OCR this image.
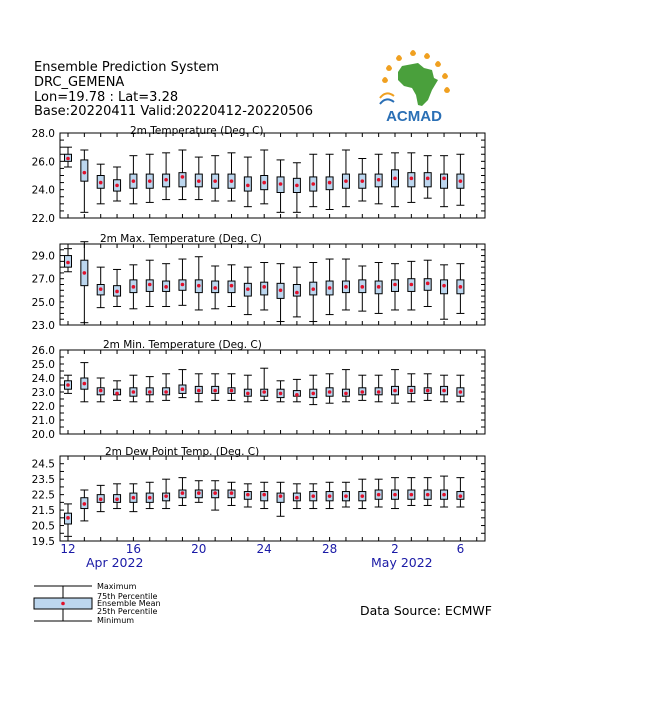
Ensemble Prediction System
DRC_GEMENA
Lon=19.78 : Lat=3.28
Base:20220411 Valid:20220412-20220506	ACMAD
2m Temperature (Deg. C)
22.0
24.0
26.0
28.0
2m Max. Temperature (Deg. C)
23.0
25.0
27.0
29.0
2m Min. Temperature (Deg. C)
20.0
21.0
22.0
23.0
24.0
25.0
26.0
2m Dew Point Temp. (Deg. C)
19.5
20.5
21.5
22.5
23.5
24.5
12	16	20	24	28	2	6
Apr 2022	May 2022
Maximum
75th Percentile
Ensemble Mean
25th Percentile
Minimum
Data Source: ECMWF
